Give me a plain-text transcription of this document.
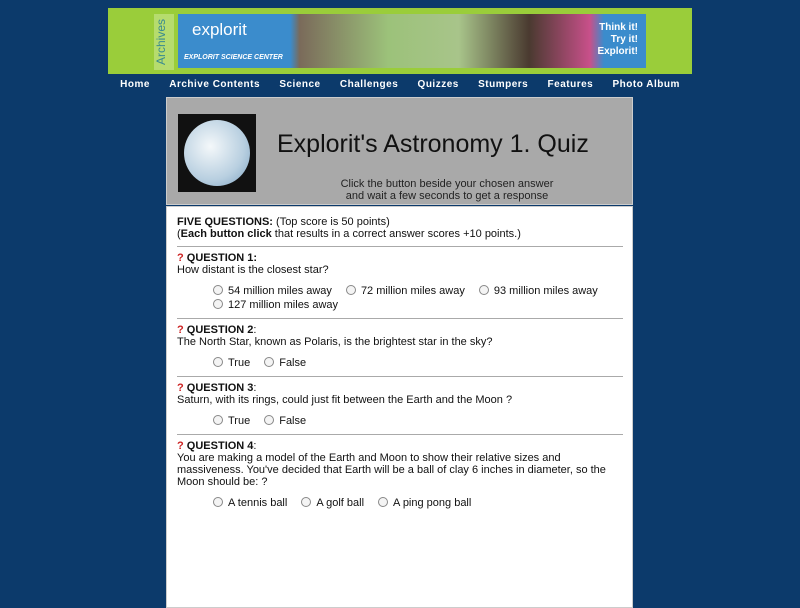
Archives	explorit
EXPLORIT SCIENCE CENTER
Think it!
Try it!
Explorit!
Home Archive Contents Science Challenges Quizzes Stumpers Features Photo Album
Explorit's Astronomy 1. Quiz
Click the button beside your chosen answer
and wait a few seconds to get a response
FIVE QUESTIONS: (Top score is 50 points)
(Each button click that results in a correct answer scores +10 points.)
? QUESTION 1:
How distant is the closest star?
54 million miles away	72 million miles away	93 million miles away127 million miles away
? QUESTION 2:
The North Star, known as Polaris, is the brightest star in the sky?
True	False
? QUESTION 3:
Saturn, with its rings, could just fit between the Earth and the Moon ?
True	False
? QUESTION 4:
You are making a model of the Earth and Moon to show their relative sizes and massiveness. You've decided that Earth will be a ball of clay 6 inches in diameter, so the Moon should be: ?
A tennis ball	A golf ball	A ping pong ball
